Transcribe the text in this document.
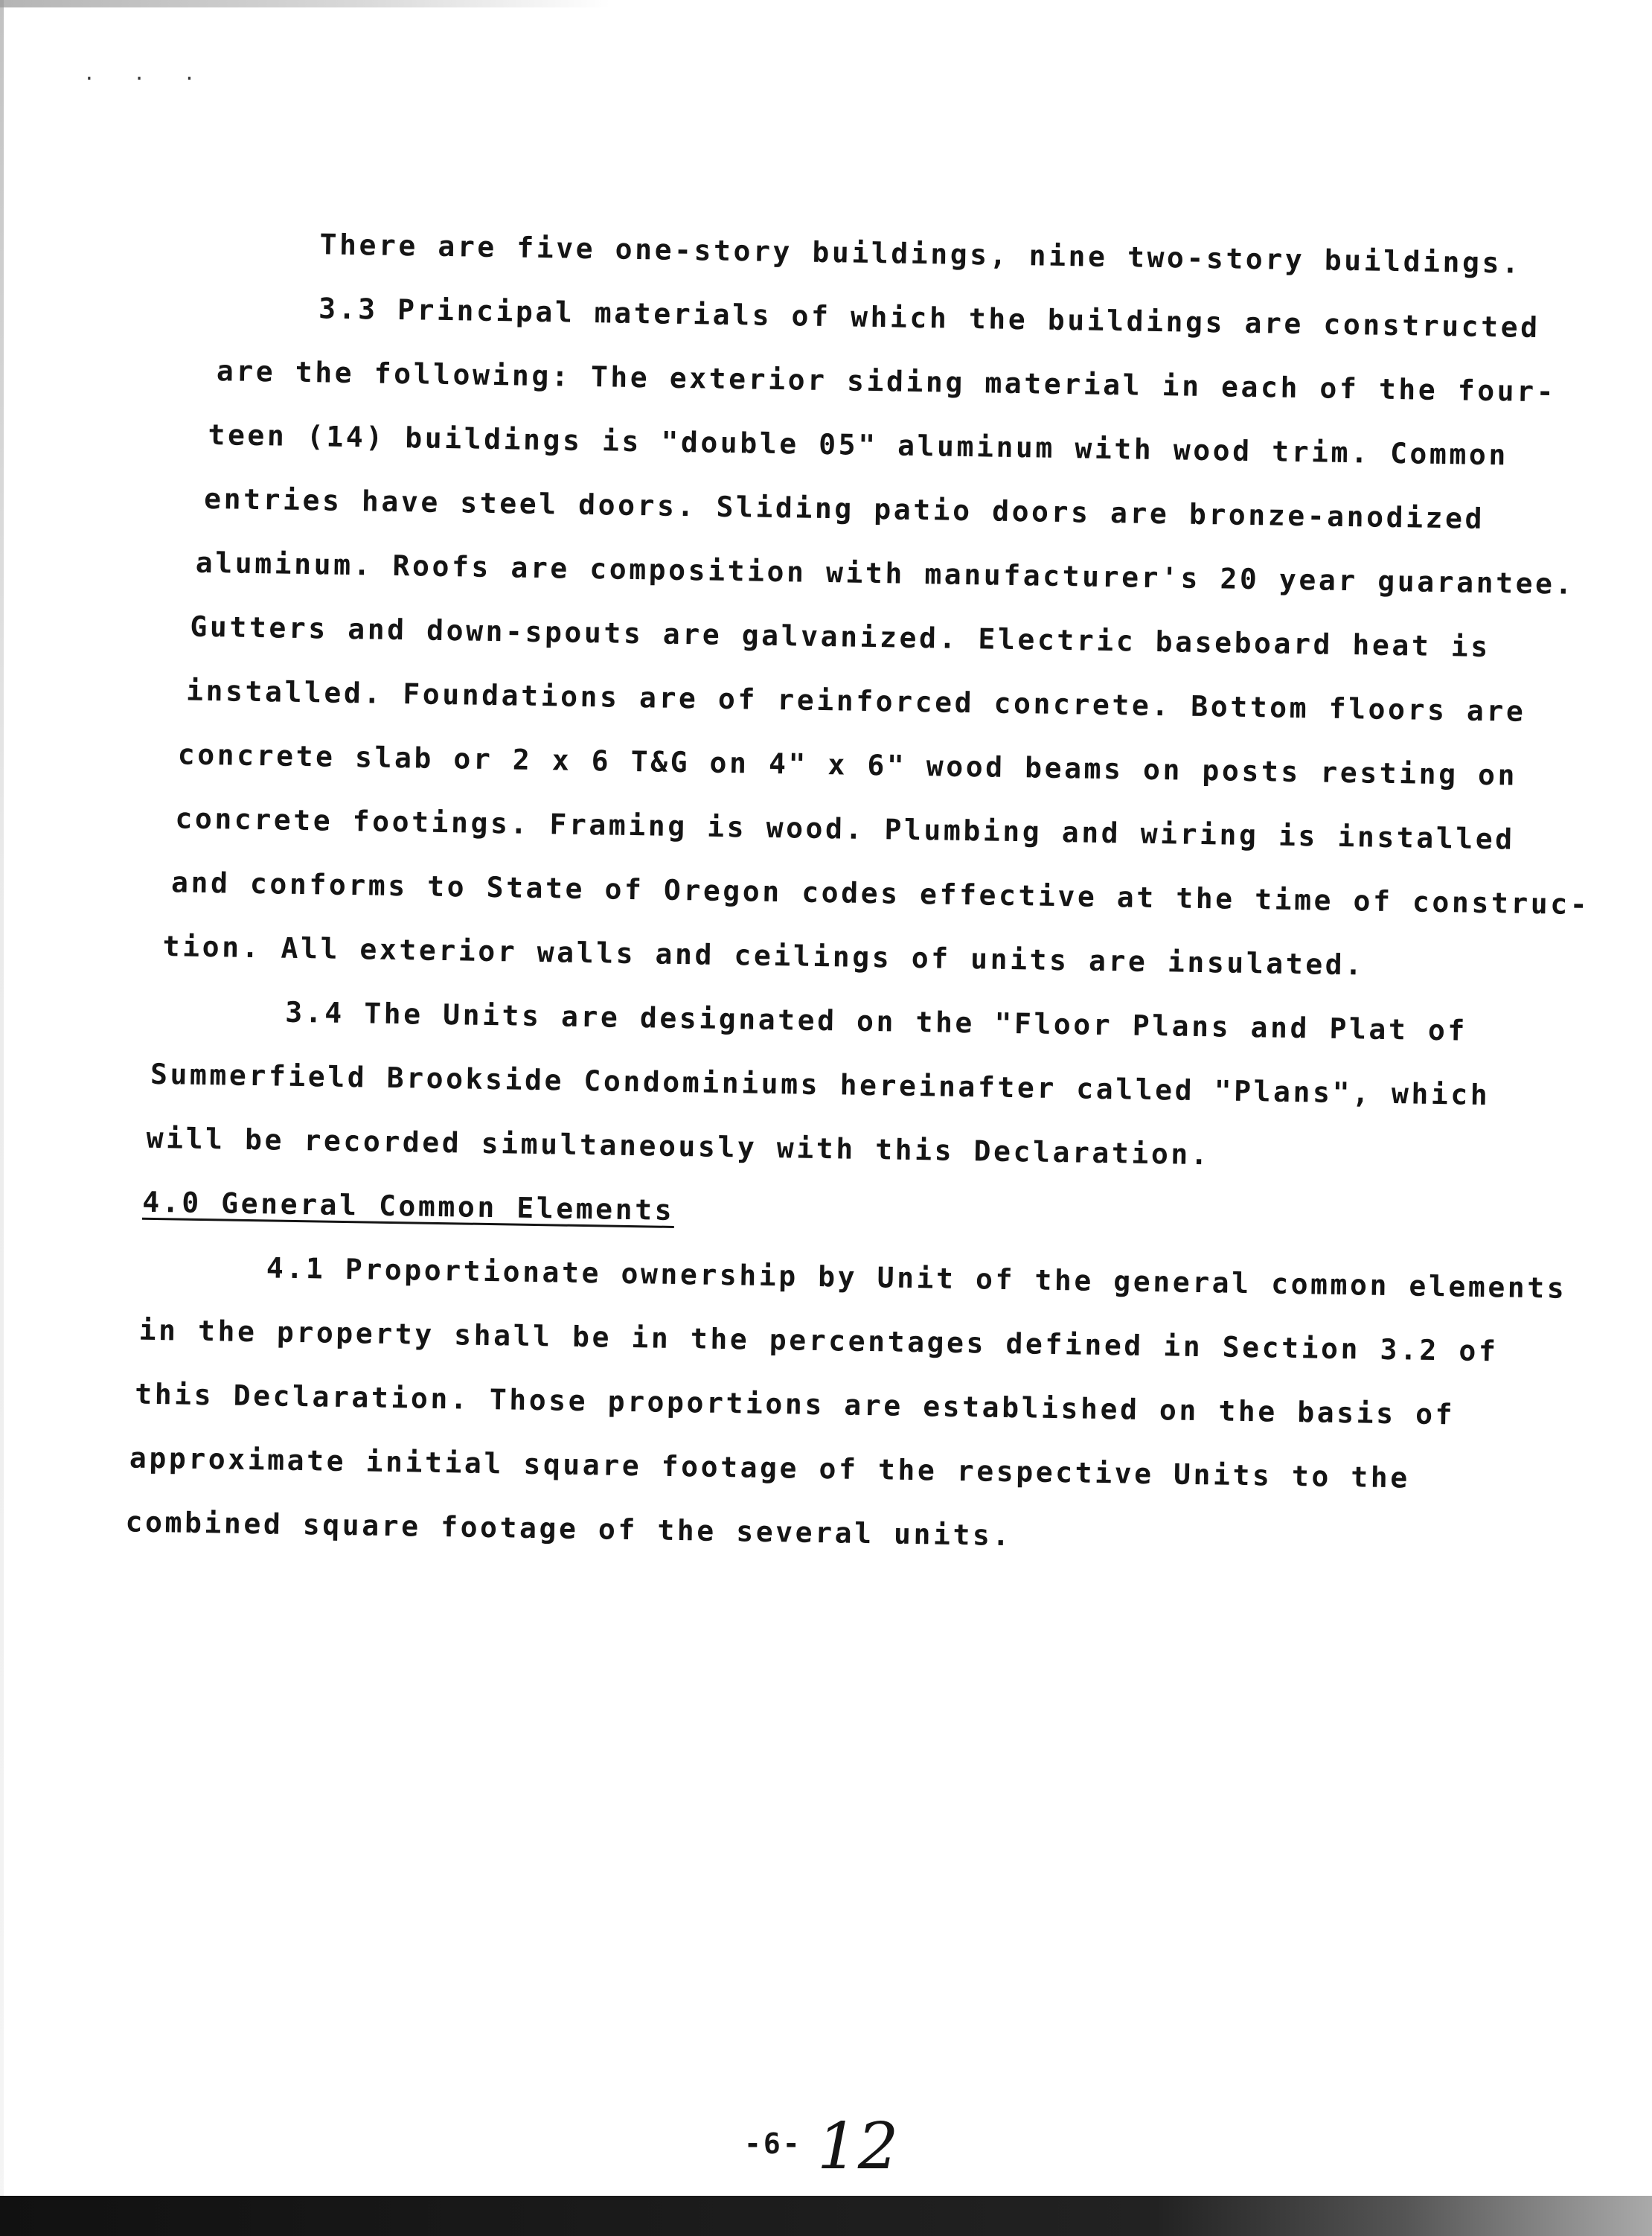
. . .
There are five one-story buildings, nine two-story buildings.
3.3 Principal materials of which the buildings are constructed
are the following: The exterior siding material in each of the four-
teen (14) buildings is "double 05" aluminum with wood trim. Common
entries have steel doors. Sliding patio doors are bronze-anodized
aluminum. Roofs are composition with manufacturer's 20 year guarantee.
Gutters and down-spouts are galvanized. Electric baseboard heat is
installed. Foundations are of reinforced concrete. Bottom floors are
concrete slab or 2 x 6 T&G on 4" x 6" wood beams on posts resting on
concrete footings. Framing is wood. Plumbing and wiring is installed
and conforms to State of Oregon codes effective at the time of construc-
tion. All exterior walls and ceilings of units are insulated.
3.4 The Units are designated on the "Floor Plans and Plat of
Summerfield Brookside Condominiums hereinafter called "Plans", which
will be recorded simultaneously with this Declaration.
4.0 General Common Elements
4.1 Proportionate ownership by Unit of the general common elements
in the property shall be in the percentages defined in Section 3.2 of
this Declaration. Those proportions are established on the basis of
approximate initial square footage of the respective Units to the
combined square footage of the several units.
-6- 12
